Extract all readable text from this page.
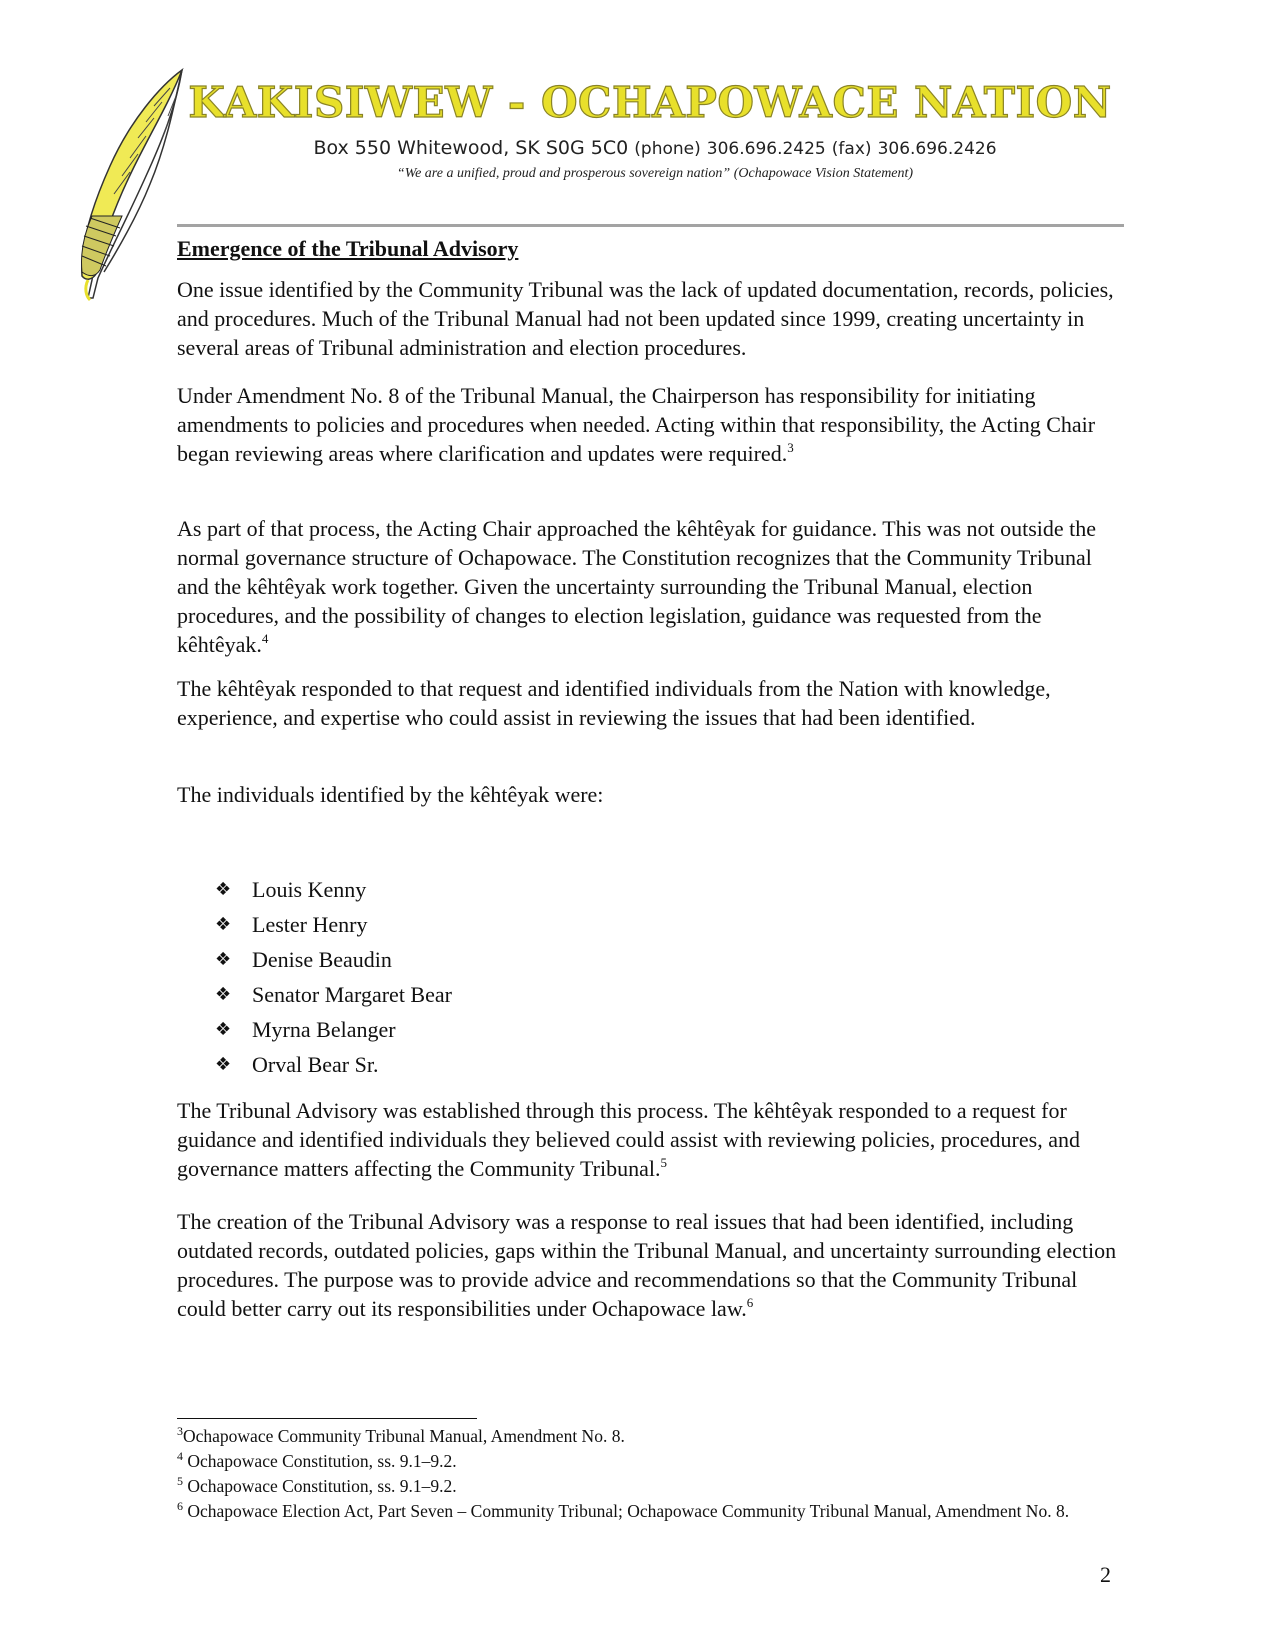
KAKISIWEW - OCHAPOWACE NATION
Box 550 Whitewood, SK S0G 5C0 (phone) 306.696.2425 (fax) 306.696.2426
“We are a unified, proud and prosperous sovereign nation” (Ochapowace Vision Statement)
Emergence of the Tribunal Advisory

One issue identified by the Community Tribunal was the lack of updated documentation, records, policies, and procedures. Much of the Tribunal Manual had not been updated since 1999, creating uncertainty in several areas of Tribunal administration and election procedures.

Under Amendment No. 8 of the Tribunal Manual, the Chairperson has responsibility for initiating amendments to policies and procedures when needed. Acting within that responsibility, the Acting Chair began reviewing areas where clarification and updates were required.$^3$

As part of that process, the Acting Chair approached the kêhtêyak for guidance. This was not outside the normal governance structure of Ochapowace. The Constitution recognizes that the Community Tribunal and the kêhtêyak work together. Given the uncertainty surrounding the Tribunal Manual, election procedures, and the possibility of changes to election legislation, guidance was requested from the kêhtêyak.$^4$

The kêhtêyak responded to that request and identified individuals from the Nation with knowledge, experience, and expertise who could assist in reviewing the issues that had been identified.

The individuals identified by the kêhtêyak were:

❖ Louis Kenny
❖ Lester Henry
❖ Denise Beaudin
❖ Senator Margaret Bear
❖ Myrna Belanger
❖ Orval Bear Sr.

The Tribunal Advisory was established through this process. The kêhtêyak responded to a request for guidance and identified individuals they believed could assist with reviewing policies, procedures, and governance matters affecting the Community Tribunal.$^5$

The creation of the Tribunal Advisory was a response to real issues that had been identified, including outdated records, outdated policies, gaps within the Tribunal Manual, and uncertainty surrounding election procedures. The purpose was to provide advice and recommendations so that the Community Tribunal could better carry out its responsibilities under Ochapowace law.$^6$

$^3$Ochapowace Community Tribunal Manual, Amendment No. 8.
$^4$ Ochapowace Constitution, ss. 9.1–9.2.
$^5$ Ochapowace Constitution, ss. 9.1–9.2.
$^6$ Ochapowace Election Act, Part Seven – Community Tribunal; Ochapowace Community Tribunal Manual, Amendment No. 8.
2
